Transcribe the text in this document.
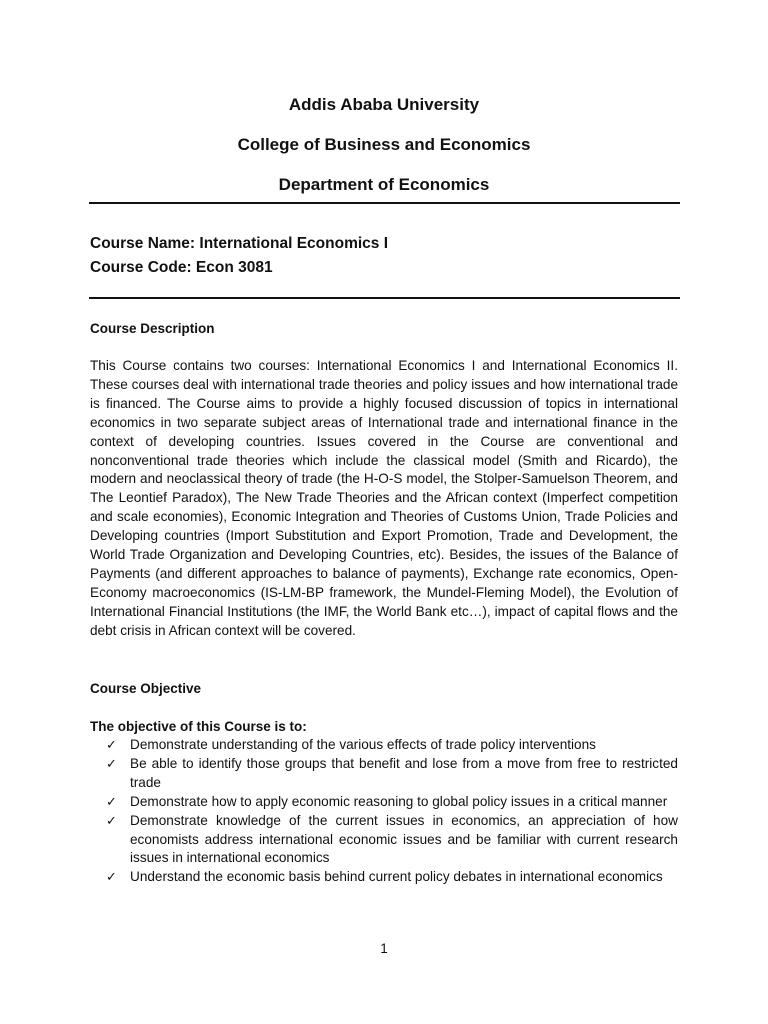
Addis Ababa University
College of Business and Economics
Department of Economics

Course Name: International Economics I

Course Code: Econ 3081

Course Description

This Course contains two courses: International Economics I and International Economics II. These courses deal with international trade theories and policy issues and how international trade is financed. The Course aims to provide a highly focused discussion of topics in international economics in two separate subject areas of International trade and international finance in the context of developing countries. Issues covered in the Course are conventional and nonconventional trade theories which include the classical model (Smith and Ricardo), the modern and neoclassical theory of trade (the H-O-S model, the Stolper-Samuelson Theorem, and The Leontief Paradox), The New Trade Theories and the African context (Imperfect competition and scale economies), Economic Integration and Theories of Customs Union, Trade Policies and Developing countries (Import Substitution and Export Promotion, Trade and Development, the World Trade Organization and Developing Countries, etc). Besides, the issues of the Balance of Payments (and different approaches to balance of payments), Exchange rate economics, Open-Economy macroeconomics (IS-LM-BP framework, the Mundel-Fleming Model), the Evolution of International Financial Institutions (the IMF, the World Bank etc…), impact of capital flows and the debt crisis in African context will be covered.

Course Objective

The objective of this Course is to:

✓ Demonstrate understanding of the various effects of trade policy interventions
✓ Be able to identify those groups that benefit and lose from a move from free to restricted trade
✓ Demonstrate how to apply economic reasoning to global policy issues in a critical manner
✓ Demonstrate knowledge of the current issues in economics, an appreciation of how economists address international economic issues and be familiar with current research issues in international economics
✓ Understand the economic basis behind current policy debates in international economics
1
